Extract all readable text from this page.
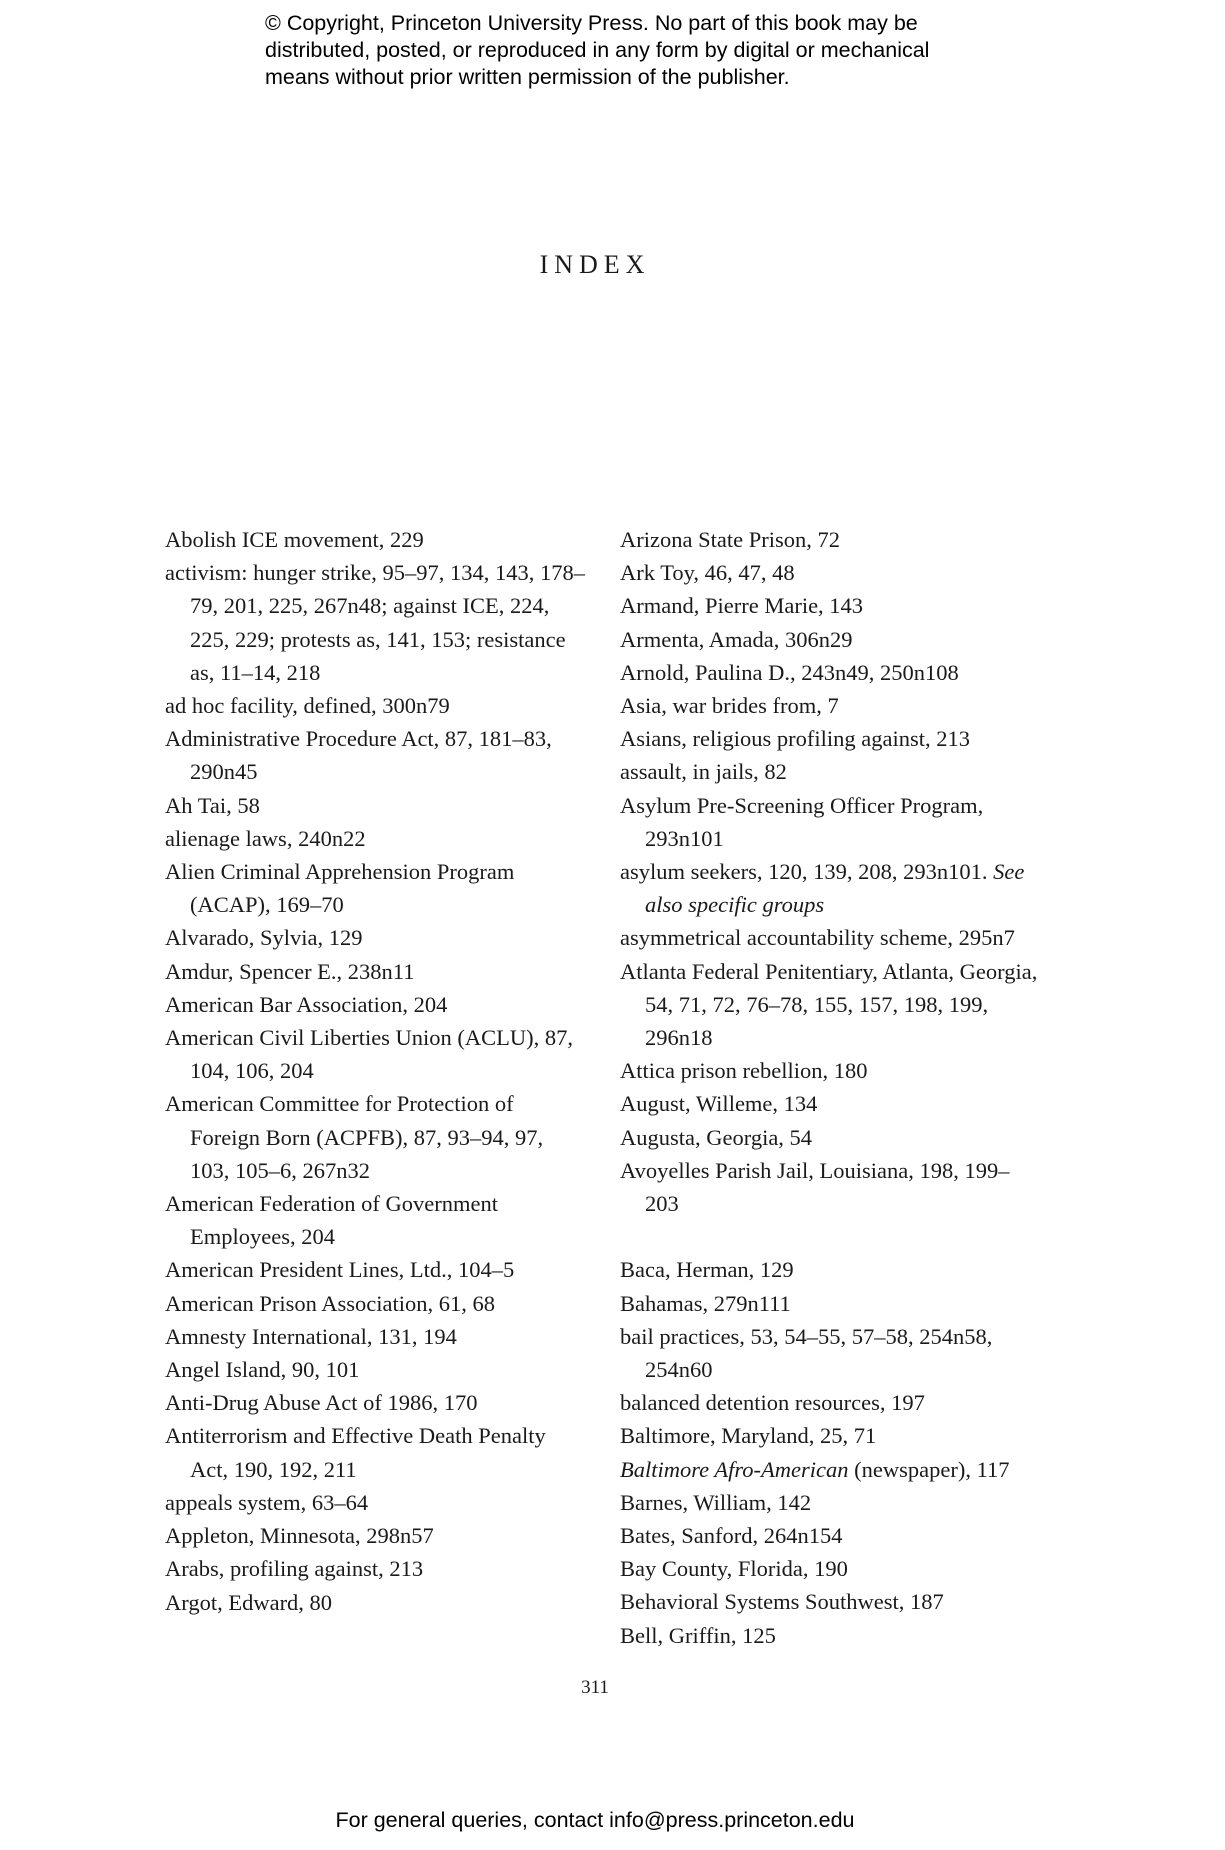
© Copyright, Princeton University Press. No part of this book may be
distributed, posted, or reproduced in any form by digital or mechanical
means without prior written permission of the publisher.
INDEX

Abolish ICE movement, 229

activism: hunger strike, 95–97, 134, 143, 178–79, 201, 225, 267n48; against ICE, 224, 225, 229; protests as, 141, 153; resistance as, 11–14, 218

ad hoc facility, defined, 300n79

Administrative Procedure Act, 87, 181–83, 290n45

Ah Tai, 58

alienage laws, 240n22

Alien Criminal Apprehension Program (ACAP), 169–70

Alvarado, Sylvia, 129

Amdur, Spencer E., 238n11

American Bar Association, 204

American Civil Liberties Union (ACLU), 87, 104, 106, 204

American Committee for Protection of Foreign Born (ACPFB), 87, 93–94, 97, 103, 105–6, 267n32

American Federation of Government Employees, 204

American President Lines, Ltd., 104–5

American Prison Association, 61, 68

Amnesty International, 131, 194

Angel Island, 90, 101

Anti-Drug Abuse Act of 1986, 170

Antiterrorism and Effective Death Penalty Act, 190, 192, 211

appeals system, 63–64

Appleton, Minnesota, 298n57

Arabs, profiling against, 213

Argot, Edward, 80

Arizona State Prison, 72

Ark Toy, 46, 47, 48

Armand, Pierre Marie, 143

Armenta, Amada, 306n29

Arnold, Paulina D., 243n49, 250n108

Asia, war brides from, 7

Asians, religious profiling against, 213

assault, in jails, 82

Asylum Pre-Screening Officer Program, 293n101

asylum seekers, 120, 139, 208, 293n101. See also specific groups

asymmetrical accountability scheme, 295n7

Atlanta Federal Penitentiary, Atlanta, Georgia, 54, 71, 72, 76–78, 155, 157, 198, 199, 296n18

Attica prison rebellion, 180

August, Willeme, 134

Augusta, Georgia, 54

Avoyelles Parish Jail, Louisiana, 198, 199–203

Baca, Herman, 129

Bahamas, 279n111

bail practices, 53, 54–55, 57–58, 254n58, 254n60

balanced detention resources, 197

Baltimore, Maryland, 25, 71

Baltimore Afro-American (newspaper), 117

Barnes, William, 142

Bates, Sanford, 264n154

Bay County, Florida, 190

Behavioral Systems Southwest, 187

Bell, Griffin, 125

311
For general queries, contact info@press.princeton.edu
